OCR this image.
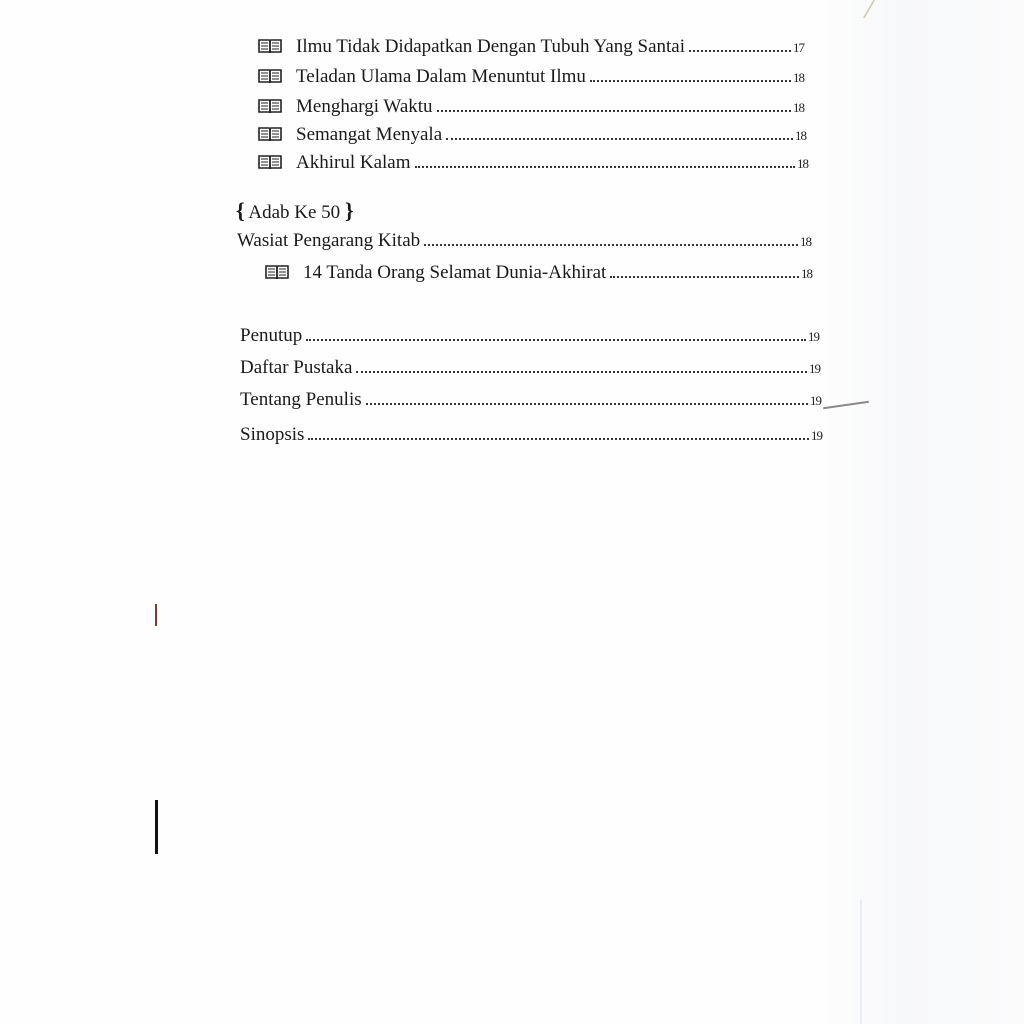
Ilmu Tidak Didapatkan Dengan Tubuh Yang Santai	17
Teladan Ulama Dalam Menuntut Ilmu	18
Menghargi Waktu	18
Semangat Menyala	18
Akhirul Kalam	18
{ Adab Ke 50 }
Wasiat Pengarang Kitab	18
14 Tanda Orang Selamat Dunia-Akhirat	18
Penutup	19
Daftar Pustaka	19
Tentang Penulis	19
Sinopsis	19
